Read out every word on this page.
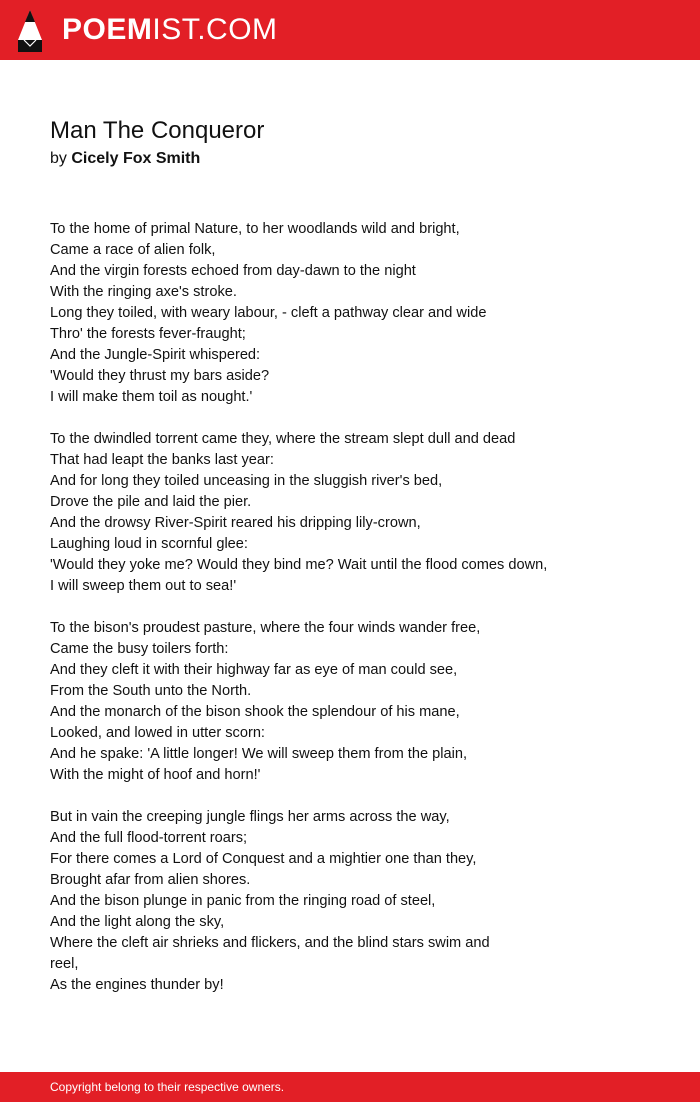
POEMIST.COM
Man The Conqueror
by Cicely Fox Smith
To the home of primal Nature, to her woodlands wild and bright,
Came a race of alien folk,
And the virgin forests echoed from day-dawn to the night
With the ringing axe's stroke.
Long they toiled, with weary labour, - cleft a pathway clear and wide
Thro' the forests fever-fraught;
And the Jungle-Spirit whispered:
'Would they thrust my bars aside?
I will make them toil as nought.'
To the dwindled torrent came they, where the stream slept dull and dead
That had leapt the banks last year:
And for long they toiled unceasing in the sluggish river's bed,
Drove the pile and laid the pier.
And the drowsy River-Spirit reared his dripping lily-crown,
Laughing loud in scornful glee:
'Would they yoke me? Would they bind me? Wait until the flood comes down,
I will sweep them out to sea!'
To the bison's proudest pasture, where the four winds wander free,
Came the busy toilers forth:
And they cleft it with their highway far as eye of man could see,
From the South unto the North.
And the monarch of the bison shook the splendour of his mane,
Looked, and lowed in utter scorn:
And he spake: 'A little longer! We will sweep them from the plain,
With the might of hoof and horn!'
But in vain the creeping jungle flings her arms across the way,
And the full flood-torrent roars;
For there comes a Lord of Conquest and a mightier one than they,
Brought afar from alien shores.
And the bison plunge in panic from the ringing road of steel,
And the light along the sky,
Where the cleft air shrieks and flickers, and the blind stars swim and
reel,
As the engines thunder by!
Copyright belong to their respective owners.
